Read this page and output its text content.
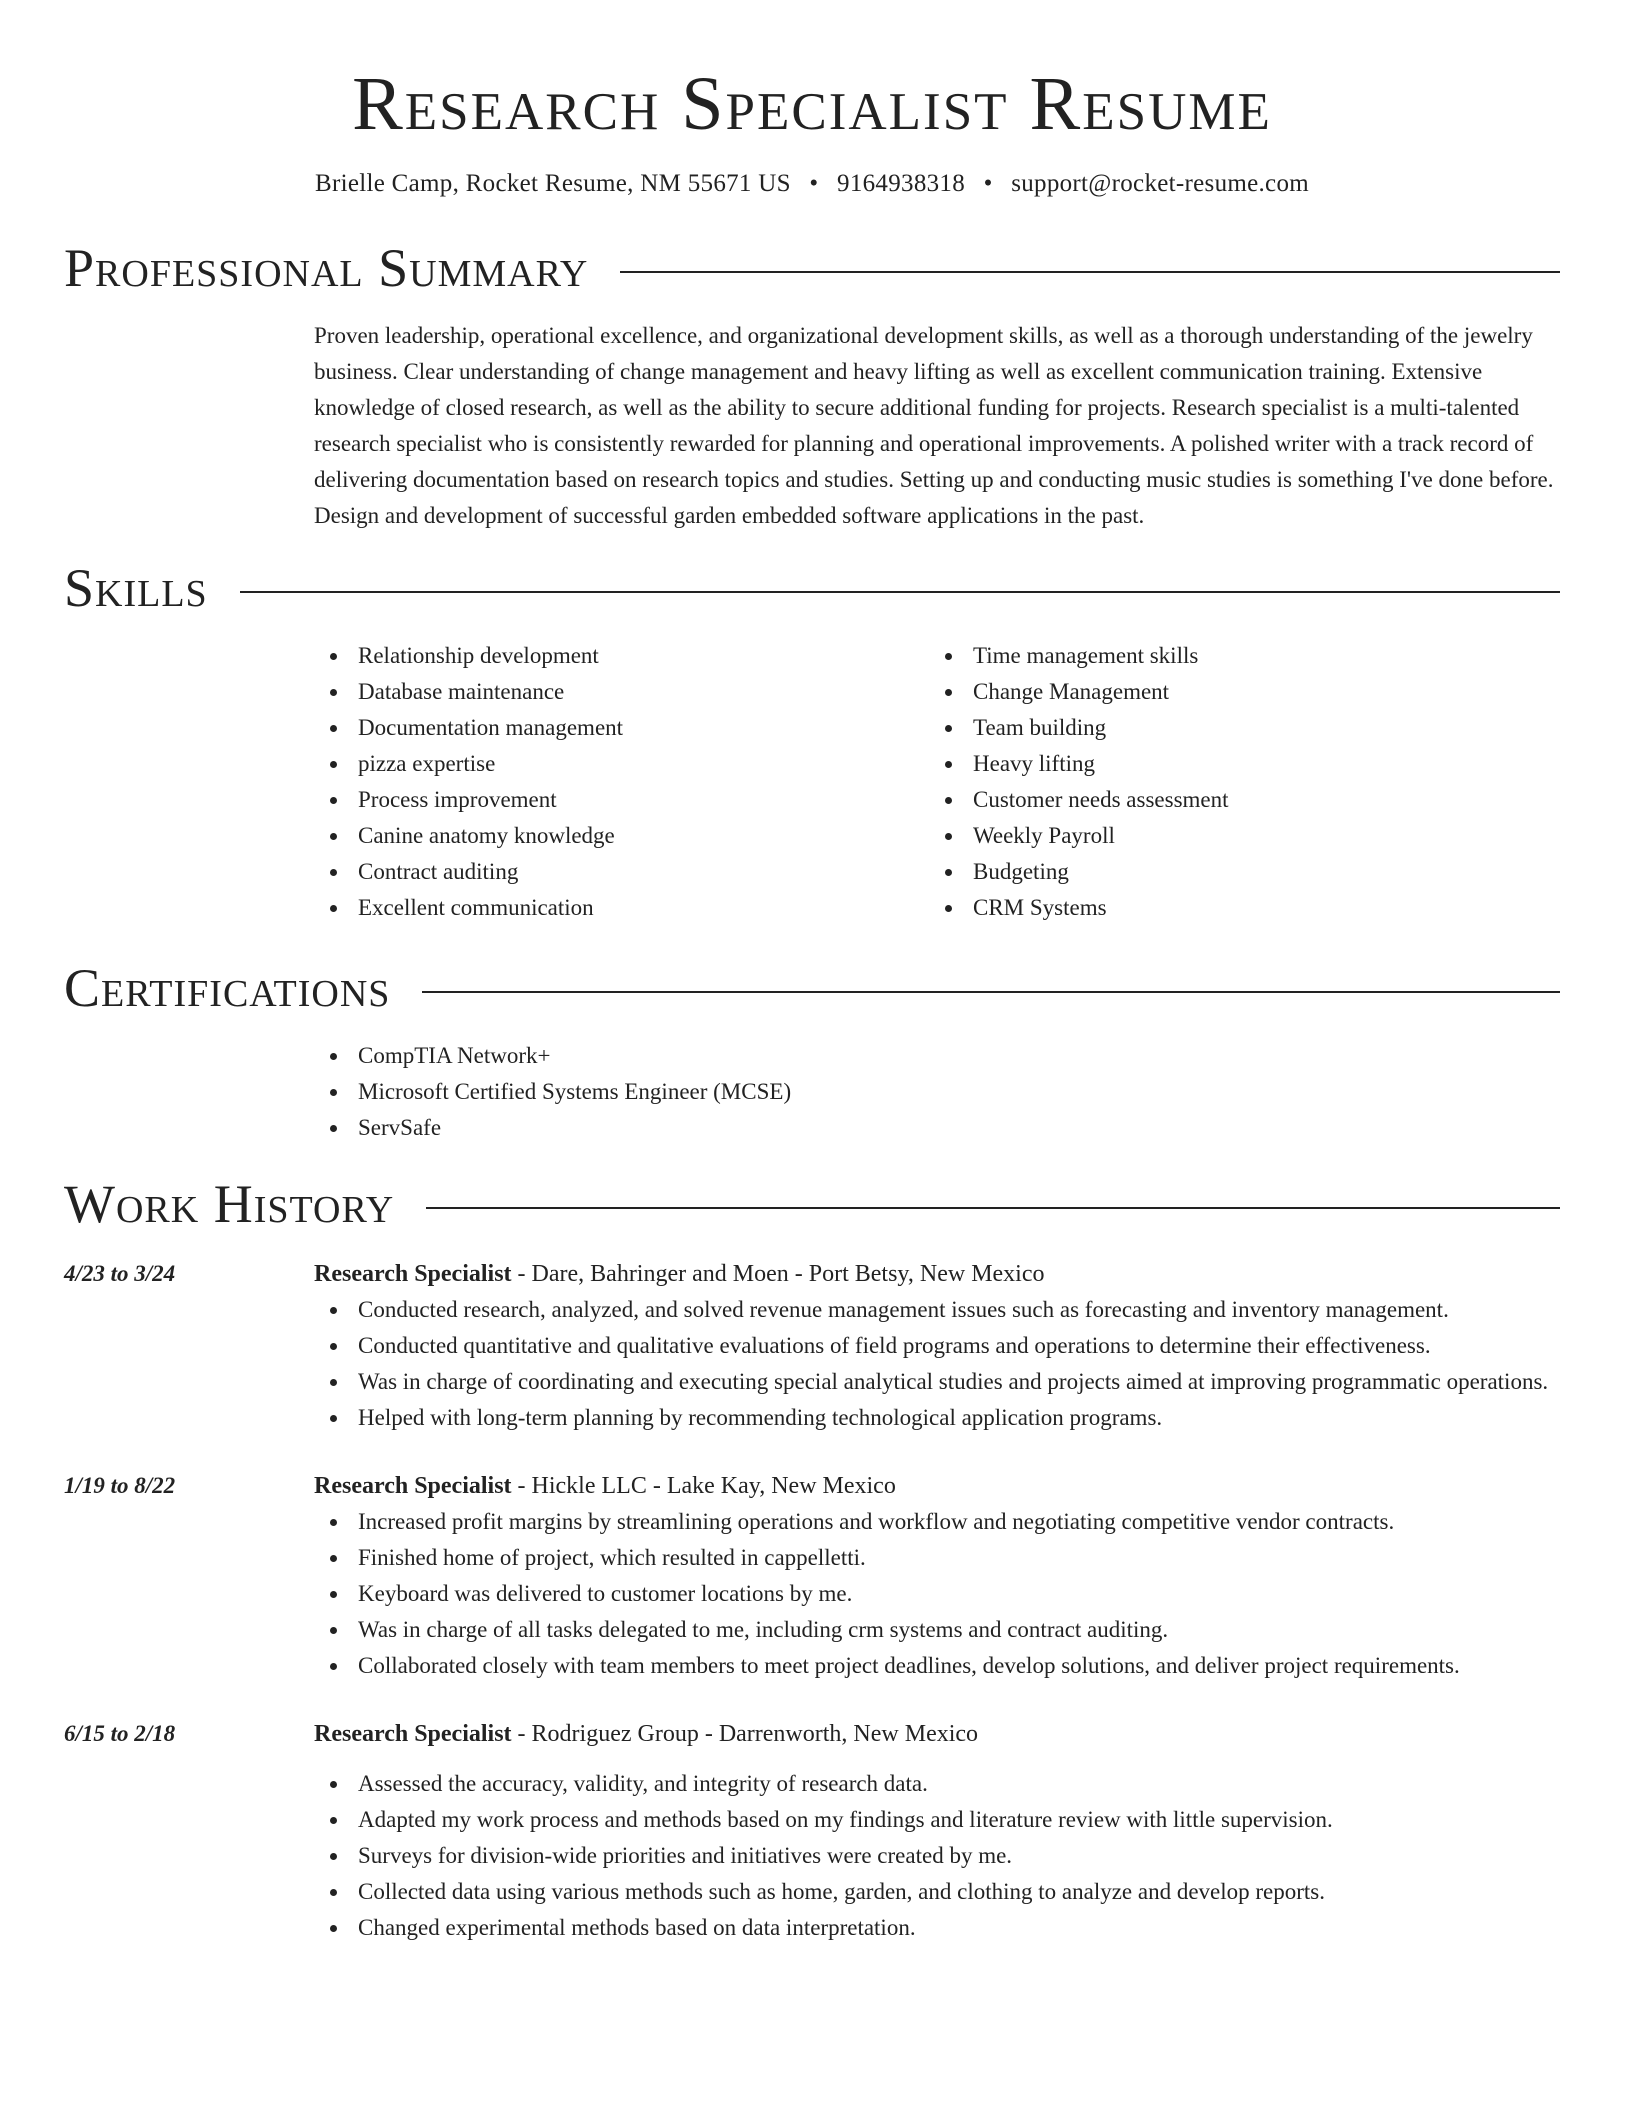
Research Specialist Resume
Brielle Camp, Rocket Resume, NM 55671 US • 9164938318 • support@rocket-resume.com
Professional Summary

Proven leadership, operational excellence, and organizational development skills, as well as a thorough understanding of the jewelry business. Clear understanding of change management and heavy lifting as well as excellent communication training. Extensive knowledge of closed research, as well as the ability to secure additional funding for projects. Research specialist is a multi-talented research specialist who is consistently rewarded for planning and operational improvements. A polished writer with a track record of delivering documentation based on research topics and studies. Setting up and conducting music studies is something I've done before. Design and development of successful garden embedded software applications in the past.

Skills
Relationship development
Database maintenance
Documentation management
pizza expertise
Process improvement
Canine anatomy knowledge
Contract auditing
Excellent communication
Time management skills
Change Management
Team building
Heavy lifting
Customer needs assessment
Weekly Payroll
Budgeting
CRM Systems
Certifications
CompTIA Network+
Microsoft Certified Systems Engineer (MCSE)
ServSafe
Work History
4/23 to 3/24	Research Specialist - Dare, Bahringer and Moen - Port Betsy, New Mexico
Conducted research, analyzed, and solved revenue management issues such as forecasting and inventory management.
Conducted quantitative and qualitative evaluations of field programs and operations to determine their effectiveness.
Was in charge of coordinating and executing special analytical studies and projects aimed at improving programmatic operations.
Helped with long-term planning by recommending technological application programs.
1/19 to 8/22	Research Specialist - Hickle LLC - Lake Kay, New Mexico
Increased profit margins by streamlining operations and workflow and negotiating competitive vendor contracts.
Finished home of project, which resulted in cappelletti.
Keyboard was delivered to customer locations by me.
Was in charge of all tasks delegated to me, including crm systems and contract auditing.
Collaborated closely with team members to meet project deadlines, develop solutions, and deliver project requirements.
6/15 to 2/18	Research Specialist - Rodriguez Group - Darrenworth, New Mexico
Assessed the accuracy, validity, and integrity of research data.
Adapted my work process and methods based on my findings and literature review with little supervision.
Surveys for division-wide priorities and initiatives were created by me.
Collected data using various methods such as home, garden, and clothing to analyze and develop reports.
Changed experimental methods based on data interpretation.
